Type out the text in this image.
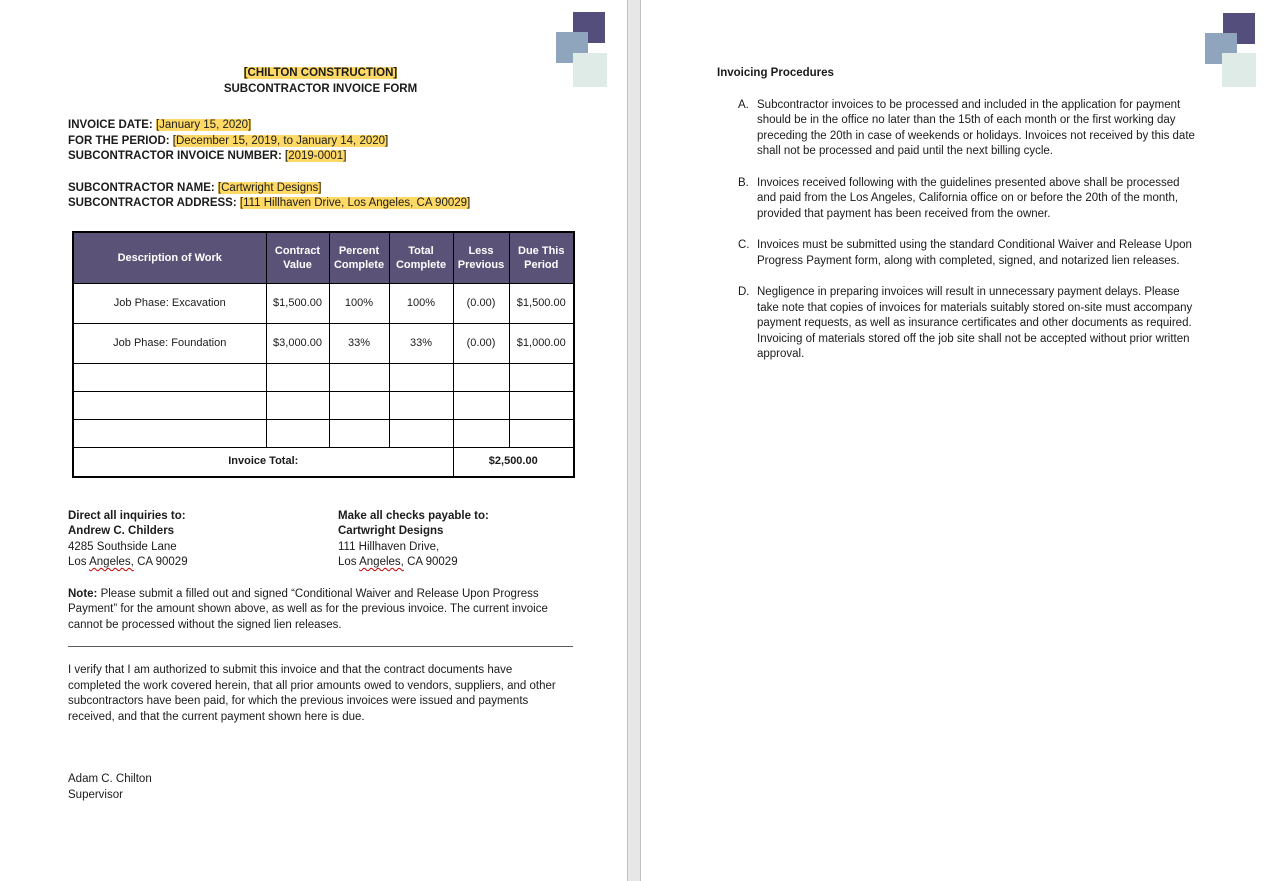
[CHILTON CONSTRUCTION]
SUBCONTRACTOR INVOICE FORM
INVOICE DATE: [January 15, 2020]
FOR THE PERIOD: [December 15, 2019, to January 14, 2020]
SUBCONTRACTOR INVOICE NUMBER: [2019-0001]
SUBCONTRACTOR NAME: [Cartwright Designs]
SUBCONTRACTOR ADDRESS: [111 Hillhaven Drive, Los Angeles, CA 90029]
Description of Work	Contract Value	Percent Complete	Total Complete	Less Previous	Due This Period
Job Phase: Excavation	$1,500.00	100%	100%	(0.00)	$1,500.00
Job Phase: Foundation	$3,000.00	33%	33%	(0.00)	$1,000.00

Invoice Total:				$2,500.00	
Direct all inquiries to:
Andrew C. Childers
4285 Southside Lane
Los Angeles, CA 90029
Make all checks payable to:
Cartwright Designs
111 Hillhaven Drive,
Los Angeles, CA 90029
Note: Please submit a filled out and signed “Conditional Waiver and Release Upon Progress Payment” for the amount shown above, as well as for the previous invoice. The current invoice cannot be processed without the signed lien releases.
I verify that I am authorized to submit this invoice and that the contract documents have completed the work covered herein, that all prior amounts owed to vendors, suppliers, and other subcontractors have been paid, for which the previous invoices were issued and payments received, and that the current payment shown here is due.
Adam C. Chilton
Supervisor
Invoicing Procedures
A. Subcontractor invoices to be processed and included in the application for payment should be in the office no later than the 15th of each month or the first working day preceding the 20th in case of weekends or holidays. Invoices not received by this date shall not be processed and paid until the next billing cycle.
B. Invoices received following with the guidelines presented above shall be processed and paid from the Los Angeles, California office on or before the 20th of the month, provided that payment has been received from the owner.
C. Invoices must be submitted using the standard Conditional Waiver and Release Upon Progress Payment form, along with completed, signed, and notarized lien releases.
D. Negligence in preparing invoices will result in unnecessary payment delays. Please take note that copies of invoices for materials suitably stored on-site must accompany payment requests, as well as insurance certificates and other documents as required. Invoicing of materials stored off the job site shall not be accepted without prior written approval.
